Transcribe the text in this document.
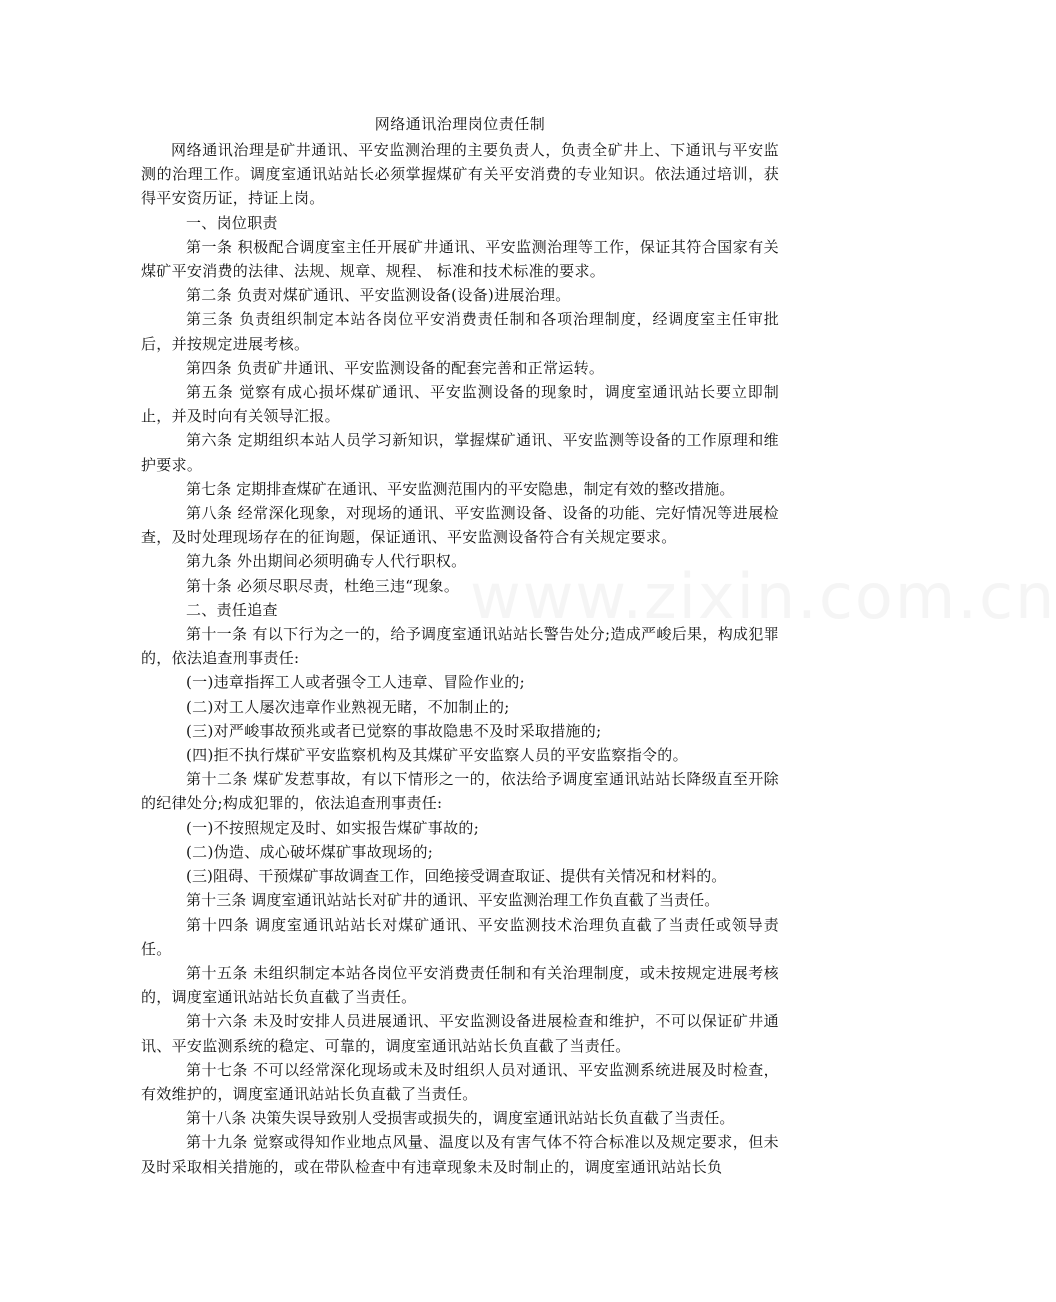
www.zixin.com.cn

网络通讯治理岗位责任制

网络通讯治理是矿井通讯、平安监测治理的主要负责人，负责全矿井上、下通讯与平安监测的治理工作。调度室通讯站站长必须掌握煤矿有关平安消费的专业知识。依法通过培训，获得平安资历证，持证上岗。

一、岗位职责

第一条 积极配合调度室主任开展矿井通讯、平安监测治理等工作，保证其符合国家有关煤矿平安消费的法律、法规、规章、规程、 标准和技术标准的要求。

第二条 负责对煤矿通讯、平安监测设备(设备)进展治理。

第三条 负责组织制定本站各岗位平安消费责任制和各项治理制度，经调度室主任审批后，并按规定进展考核。

第四条 负责矿井通讯、平安监测设备的配套完善和正常运转。

第五条 觉察有成心损坏煤矿通讯、平安监测设备的现象时，调度室通讯站长要立即制止，并及时向有关领导汇报。

第六条 定期组织本站人员学习新知识，掌握煤矿通讯、平安监测等设备的工作原理和维护要求。

第七条 定期排查煤矿在通讯、平安监测范围内的平安隐患，制定有效的整改措施。

第八条 经常深化现象，对现场的通讯、平安监测设备、设备的功能、完好情况等进展检查，及时处理现场存在的征询题，保证通讯、平安监测设备符合有关规定要求。

第九条 外出期间必须明确专人代行职权。

第十条 必须尽职尽责，杜绝三违“现象。

二、责任追查

第十一条 有以下行为之一的，给予调度室通讯站站长警告处分;造成严峻后果，构成犯罪的，依法追查刑事责任:

(一)违章指挥工人或者强令工人违章、冒险作业的;

(二)对工人屡次违章作业熟视无睹，不加制止的;

(三)对严峻事故预兆或者已觉察的事故隐患不及时采取措施的;

(四)拒不执行煤矿平安监察机构及其煤矿平安监察人员的平安监察指令的。

第十二条 煤矿发惹事故，有以下情形之一的，依法给予调度室通讯站站长降级直至开除的纪律处分;构成犯罪的，依法追查刑事责任:

(一)不按照规定及时、如实报告煤矿事故的;

(二)伪造、成心破坏煤矿事故现场的;

(三)阻碍、干预煤矿事故调查工作，回绝接受调查取证、提供有关情况和材料的。

第十三条 调度室通讯站站长对矿井的通讯、平安监测治理工作负直截了当责任。

第十四条 调度室通讯站站长对煤矿通讯、平安监测技术治理负直截了当责任或领导责任。

第十五条 未组织制定本站各岗位平安消费责任制和有关治理制度，或未按规定进展考核的，调度室通讯站站长负直截了当责任。

第十六条 未及时安排人员进展通讯、平安监测设备进展检查和维护，不可以保证矿井通讯、平安监测系统的稳定、可靠的，调度室通讯站站长负直截了当责任。

第十七条 不可以经常深化现场或未及时组织人员对通讯、平安监测系统进展及时检查，有效维护的，调度室通讯站站长负直截了当责任。

第十八条 决策失误导致别人受损害或损失的，调度室通讯站站长负直截了当责任。

第十九条 觉察或得知作业地点风量、温度以及有害气体不符合标准以及规定要求，但未及时采取相关措施的，或在带队检查中有违章现象未及时制止的，调度室通讯站站长负
